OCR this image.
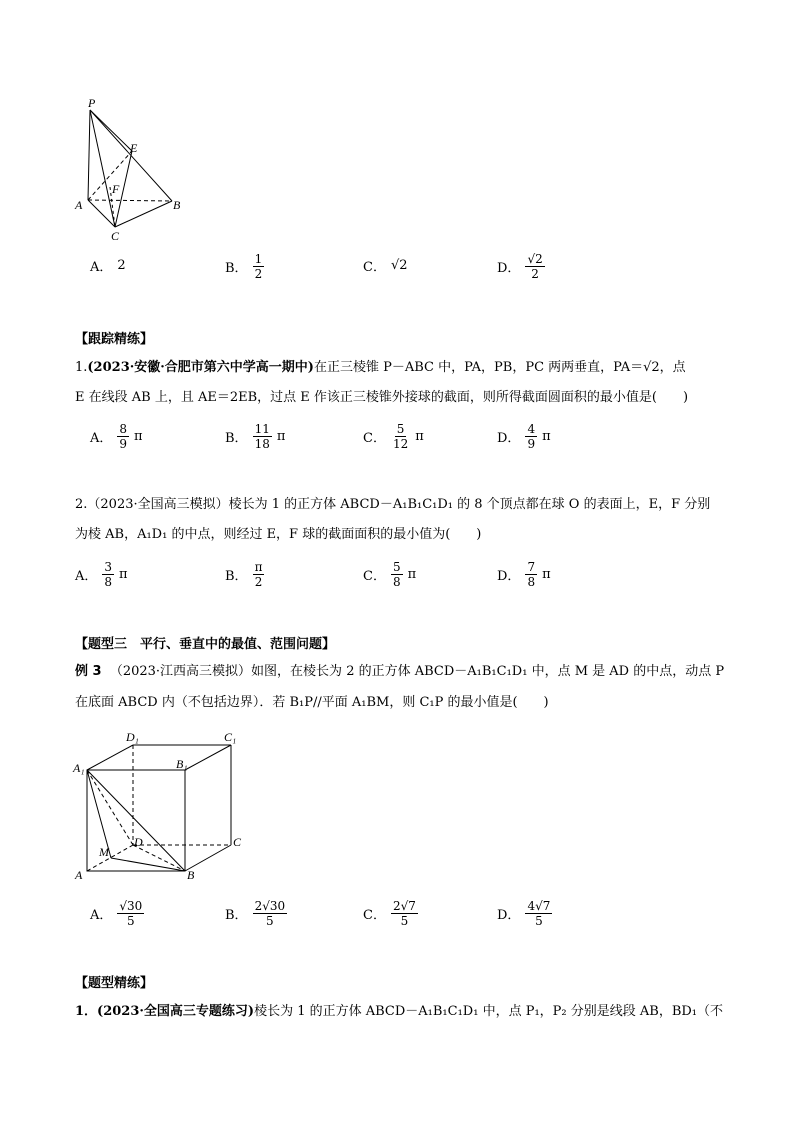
P
E
F
A	B
C
A． 2	B． $\frac{1}{2}$	C． √2	D． $\frac{√2}{2}$
【跟踪精练】
1.(2023·安徽·合肥市第六中学高一期中)在正三棱锥 P－ABC 中，PA，PB，PC 两两垂直，PA＝√2，点
E 在线段 AB 上，且 AE＝2EB，过点 E 作该正三棱锥外接球的截面，则所得截面圆面积的最小值是(　　)
A． $\frac{8}{9}$ π	B． $\frac{11}{18}$ π	C． $\frac{5}{12}$ π	D． $\frac{4}{9}$ π
2.（2023·全国高三模拟）棱长为 1 的正方体 ABCD－A₁B₁C₁D₁ 的 8 个顶点都在球 O 的表面上，E，F 分别
为棱 AB，A₁D₁ 的中点，则经过 E，F 球的截面面积的最小值为(　　)
A． $\frac{3}{8}$ π	B． $\frac{\pi}{2}$	C． $\frac{5}{8}$ π	D． $\frac{7}{8}$ π
【题型三　平行、垂直中的最值、范围问题】
例 3 （2023·江西高三模拟）如图，在棱长为 2 的正方体 ABCD－A₁B₁C₁D₁ 中，点 M 是 AD 的中点，动点 P
在底面 ABCD 内（不包括边界）．若 B₁P//平面 A₁BM，则 C₁P 的最小值是(　　)
D₁	C₁
A₁	B₁
M
D	C
A	B
A． $\frac{√30}{5}$	B． $\frac{2√30}{5}$	C． $\frac{2√7}{5}$	D． $\frac{4√7}{5}$
【题型精练】
1．(2023·全国高三专题练习)棱长为 1 的正方体 ABCD－A₁B₁C₁D₁ 中，点 P₁，P₂ 分别是线段 AB，BD₁（不
